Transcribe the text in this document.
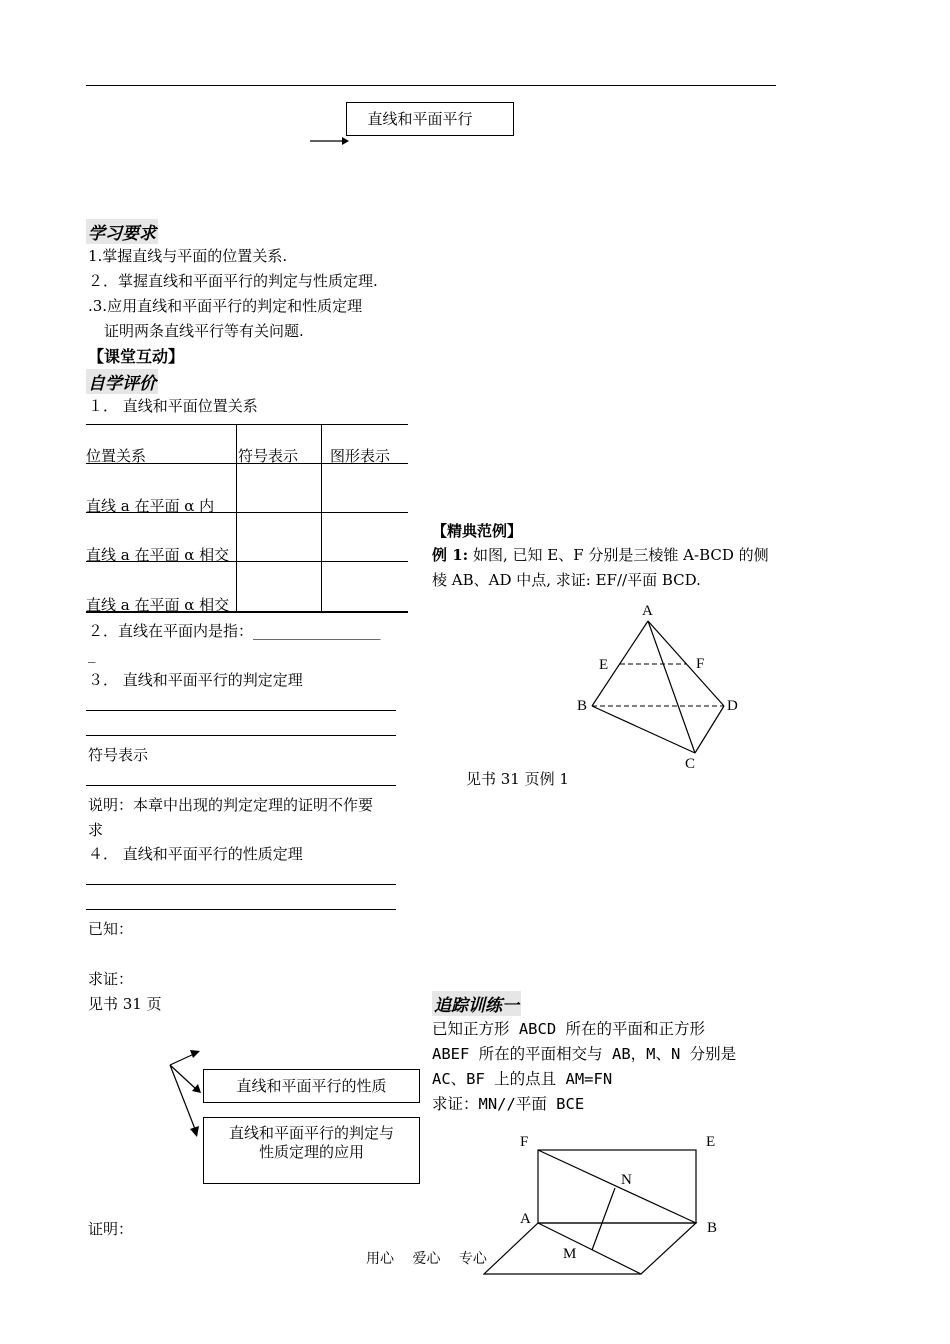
直线和平面平行
学习要求
1.掌握直线与平面的位置关系.
２．掌握直线和平面平行的判定与性质定理.
.3.应用直线和平面平行的判定和性质定理
证明两条直线平行等有关问题.
【课堂互动】
自学评价
１． 直线和平面位置关系
位置关系	符号表示 图形表示
直线 a 在平面 α 内
直线 a 在平面 α 相交
直线 a 在平面 α 相交
２．直线在平面内是指：_________________
_
３． 直线和平面平行的判定定理
符号表示
说明：本章中出现的判定定理的证明不作要
求
４． 直线和平面平行的性质定理
已知：
求证：
见书 31 页
直线和平面平行的性质
直线和平面平行的判定与性质定理的应用
证明：
【精典范例】
例 1: 如图, 已知 E、F 分别是三棱锥 A-BCD 的侧
棱 AB、AD 中点, 求证: EF//平面 BCD.
A
E	F
B	D
C
见书 31 页例 1
追踪训练一
已知正方形 ABCD 所在的平面和正方形
ABEF 所在的平面相交与 AB，M、N 分别是
AC、BF 上的点且 AM=FN
求证：MN//平面 BCE
F	E
N
A
B
M
用心　 爱心　 专心
